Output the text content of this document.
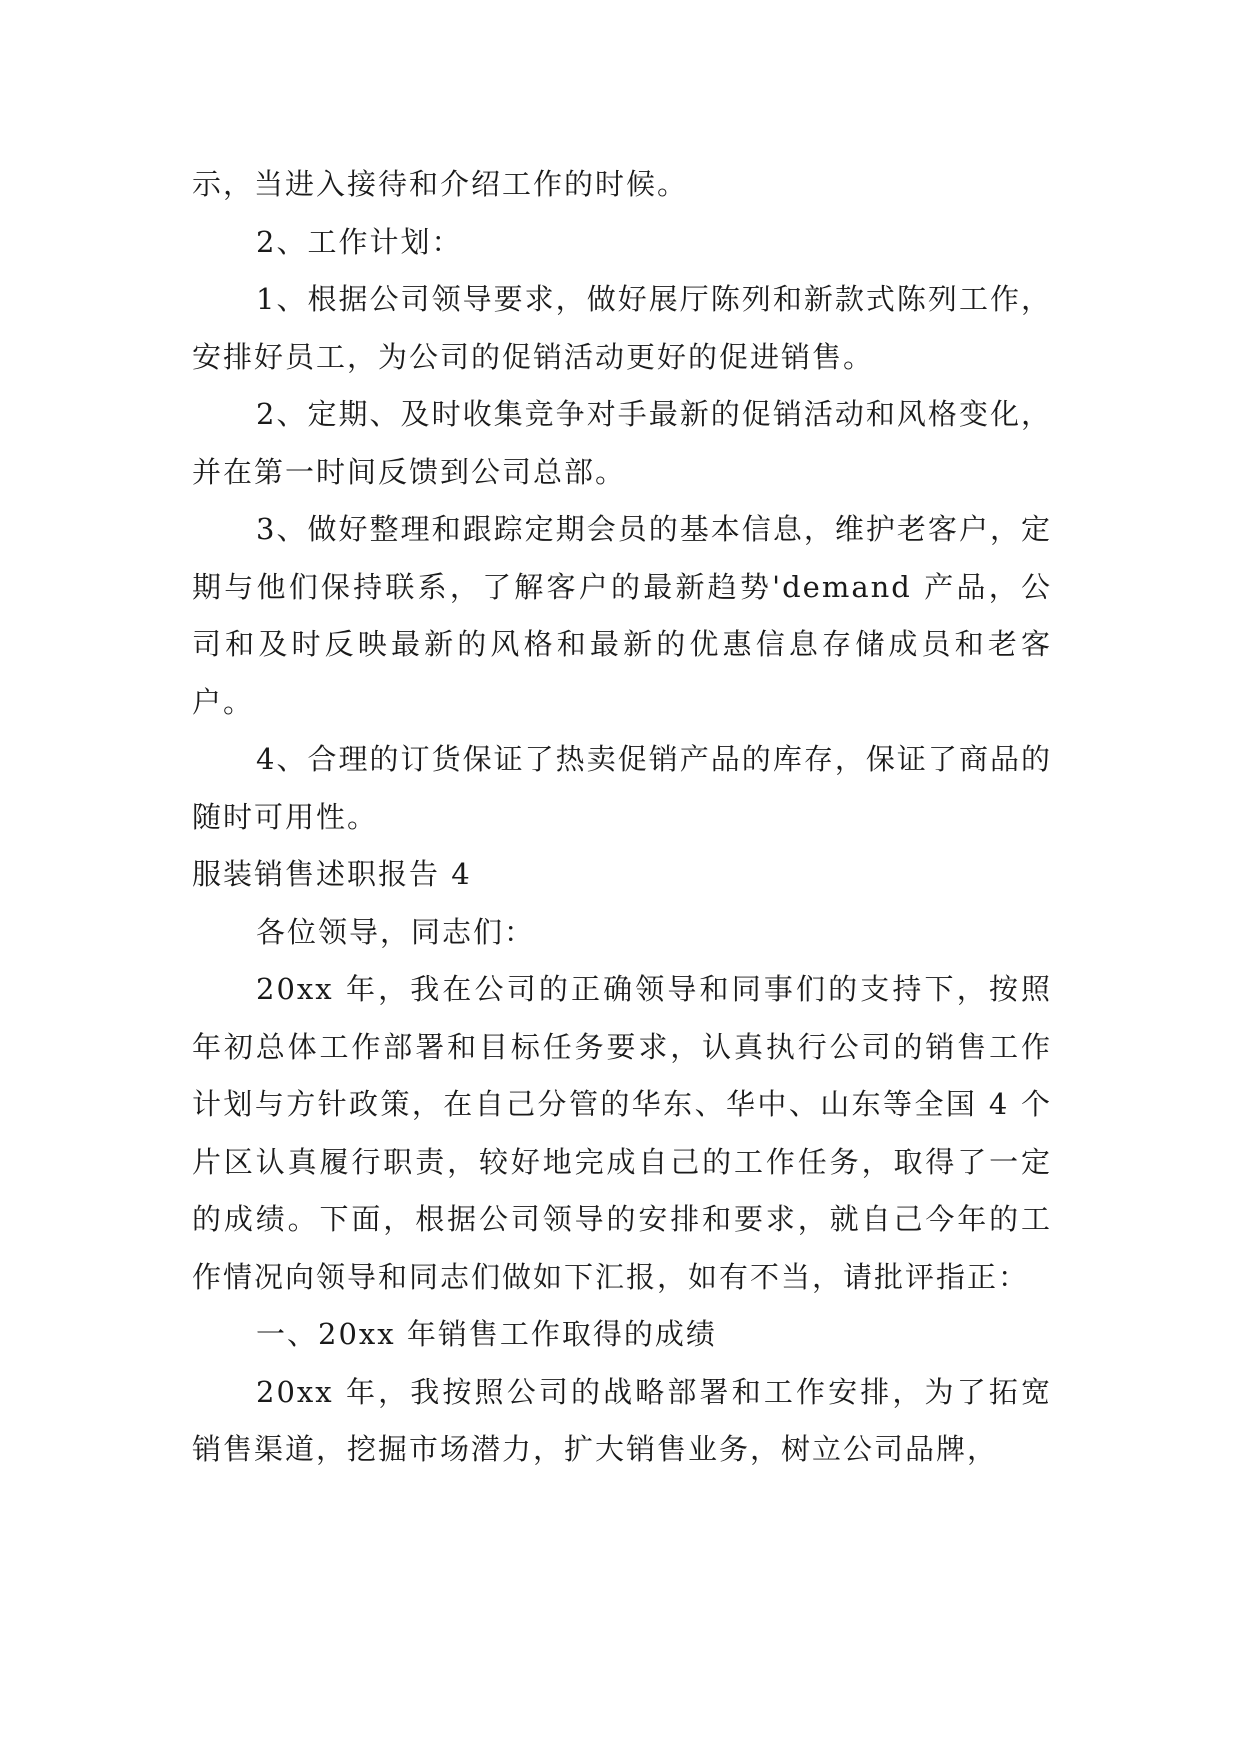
示，当进入接待和介绍工作的时候。

2、工作计划：

1、根据公司领导要求，做好展厅陈列和新款式陈列工作，安排好员工，为公司的促销活动更好的促进销售。

2、定期、及时收集竞争对手最新的促销活动和风格变化，并在第一时间反馈到公司总部。

3、做好整理和跟踪定期会员的基本信息，维护老客户，定期与他们保持联系，了解客户的最新趋势'demand 产品，公司和及时反映最新的风格和最新的优惠信息存储成员和老客户。

4、合理的订货保证了热卖促销产品的库存，保证了商品的随时可用性。

服装销售述职报告 4

各位领导，同志们：

20xx 年，我在公司的正确领导和同事们的支持下，按照年初总体工作部署和目标任务要求，认真执行公司的销售工作计划与方针政策，在自己分管的华东、华中、山东等全国 4 个片区认真履行职责，较好地完成自己的工作任务，取得了一定的成绩。下面，根据公司领导的安排和要求，就自己今年的工作情况向领导和同志们做如下汇报，如有不当，请批评指正：

一、20xx 年销售工作取得的成绩

20xx 年，我按照公司的战略部署和工作安排，为了拓宽销售渠道，挖掘市场潜力，扩大销售业务，树立公司品牌，
